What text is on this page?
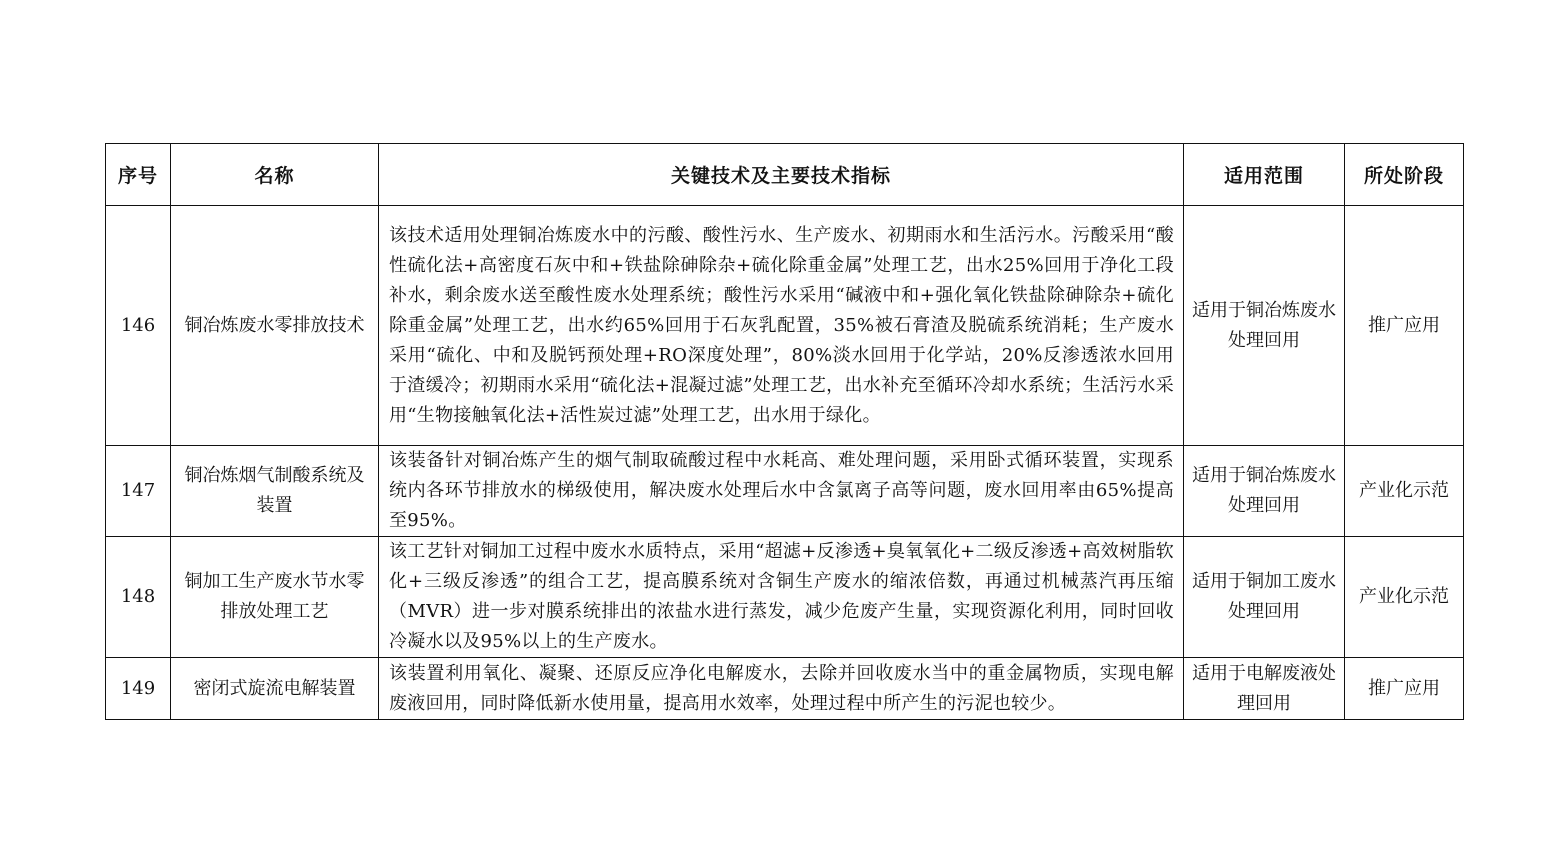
序号	名称	关键技术及主要技术指标	适用范围	所处阶段
146	铜冶炼废水零排放技术	该技术适用处理铜冶炼废水中的污酸、酸性污水、生产废水、初期雨水和生活污水。污酸采用“酸性硫化法+高密度石灰中和+铁盐除砷除杂+硫化除重金属”处理工艺，出水25%回用于净化工段补水，剩余废水送至酸性废水处理系统；酸性污水采用“碱液中和+强化氧化铁盐除砷除杂+硫化除重金属”处理工艺，出水约65%回用于石灰乳配置，35%被石膏渣及脱硫系统消耗；生产废水采用“硫化、中和及脱钙预处理+RO深度处理”，80%淡水回用于化学站，20%反渗透浓水回用于渣缓冷；初期雨水采用“硫化法+混凝过滤”处理工艺，出水补充至循环冷却水系统；生活污水采用“生物接触氧化法+活性炭过滤”处理工艺，出水用于绿化。	适用于铜冶炼废水处理回用	推广应用
147	铜冶炼烟气制酸系统及装置	该装备针对铜冶炼产生的烟气制取硫酸过程中水耗高、难处理问题，采用卧式循环装置，实现系统内各环节排放水的梯级使用，解决废水处理后水中含氯离子高等问题，废水回用率由65%提高至95%。	适用于铜冶炼废水处理回用	产业化示范
148	铜加工生产废水节水零排放处理工艺	该工艺针对铜加工过程中废水水质特点，采用“超滤+反渗透+臭氧氧化+二级反渗透+高效树脂软化+三级反渗透”的组合工艺，提高膜系统对含铜生产废水的缩浓倍数，再通过机械蒸汽再压缩（MVR）进一步对膜系统排出的浓盐水进行蒸发，减少危废产生量，实现资源化利用，同时回收冷凝水以及95%以上的生产废水。	适用于铜加工废水处理回用	产业化示范
149	密闭式旋流电解装置	该装置利用氧化、凝聚、还原反应净化电解废水，去除并回收废水当中的重金属物质，实现电解废液回用，同时降低新水使用量，提高用水效率，处理过程中所产生的污泥也较少。	适用于电解废液处理回用	推广应用
